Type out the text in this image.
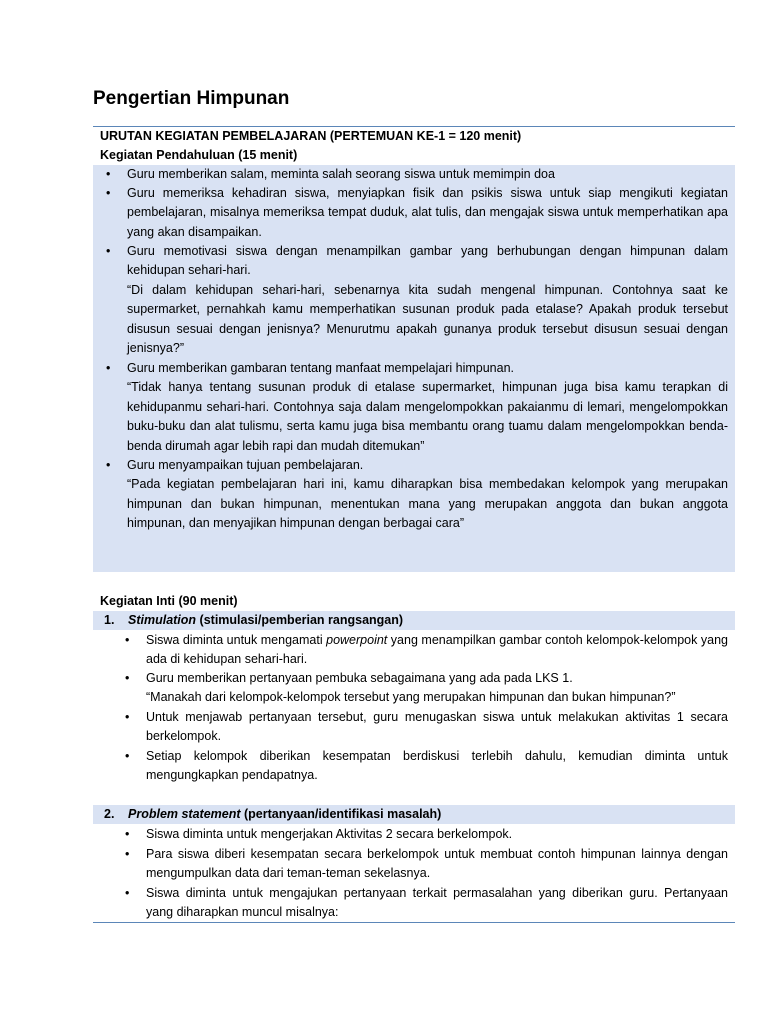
Pengertian Himpunan
URUTAN KEGIATAN PEMBELAJARAN (PERTEMUAN KE-1 = 120 menit)
Kegiatan Pendahuluan (15 menit)
• Guru memberikan salam, meminta salah seorang siswa untuk memimpin doa
• Guru memeriksa kehadiran siswa, menyiapkan fisik dan psikis siswa untuk siap mengikuti kegiatan pembelajaran, misalnya memeriksa tempat duduk, alat tulis, dan mengajak siswa untuk memperhatikan apa yang akan disampaikan.
• Guru memotivasi siswa dengan menampilkan gambar yang berhubungan dengan himpunan dalam kehidupan sehari-hari.
“Di dalam kehidupan sehari-hari, sebenarnya kita sudah mengenal himpunan. Contohnya saat ke supermarket, pernahkah kamu memperhatikan susunan produk pada etalase? Apakah produk tersebut disusun sesuai dengan jenisnya? Menurutmu apakah gunanya produk tersebut disusun sesuai dengan jenisnya?”
• Guru memberikan gambaran tentang manfaat mempelajari himpunan.
“Tidak hanya tentang susunan produk di etalase supermarket, himpunan juga bisa kamu terapkan di kehidupanmu sehari-hari. Contohnya saja dalam mengelompokkan pakaianmu di lemari, mengelompokkan buku-buku dan alat tulismu, serta kamu juga bisa membantu orang tuamu dalam mengelompokkan benda-benda dirumah agar lebih rapi dan mudah ditemukan”
• Guru menyampaikan tujuan pembelajaran.
“Pada kegiatan pembelajaran hari ini, kamu diharapkan bisa membedakan kelompok yang merupakan himpunan dan bukan himpunan, menentukan mana yang merupakan anggota dan bukan anggota himpunan, dan menyajikan himpunan dengan berbagai cara”
Kegiatan Inti (90 menit)
1. Stimulation (stimulasi/pemberian rangsangan)
• Siswa diminta untuk mengamati powerpoint yang menampilkan gambar contoh kelompok-kelompok yang ada di kehidupan sehari-hari.
• Guru memberikan pertanyaan pembuka sebagaimana yang ada pada LKS 1.
“Manakah dari kelompok-kelompok tersebut yang merupakan himpunan dan bukan himpunan?”
• Untuk menjawab pertanyaan tersebut, guru menugaskan siswa untuk melakukan aktivitas 1 secara berkelompok.
• Setiap kelompok diberikan kesempatan berdiskusi terlebih dahulu, kemudian diminta untuk mengungkapkan pendapatnya.
2. Problem statement (pertanyaan/identifikasi masalah)
• Siswa diminta untuk mengerjakan Aktivitas 2 secara berkelompok.
• Para siswa diberi kesempatan secara berkelompok untuk membuat contoh himpunan lainnya dengan mengumpulkan data dari teman-teman sekelasnya.
• Siswa diminta untuk mengajukan pertanyaan terkait permasalahan yang diberikan guru. Pertanyaan yang diharapkan muncul misalnya:
